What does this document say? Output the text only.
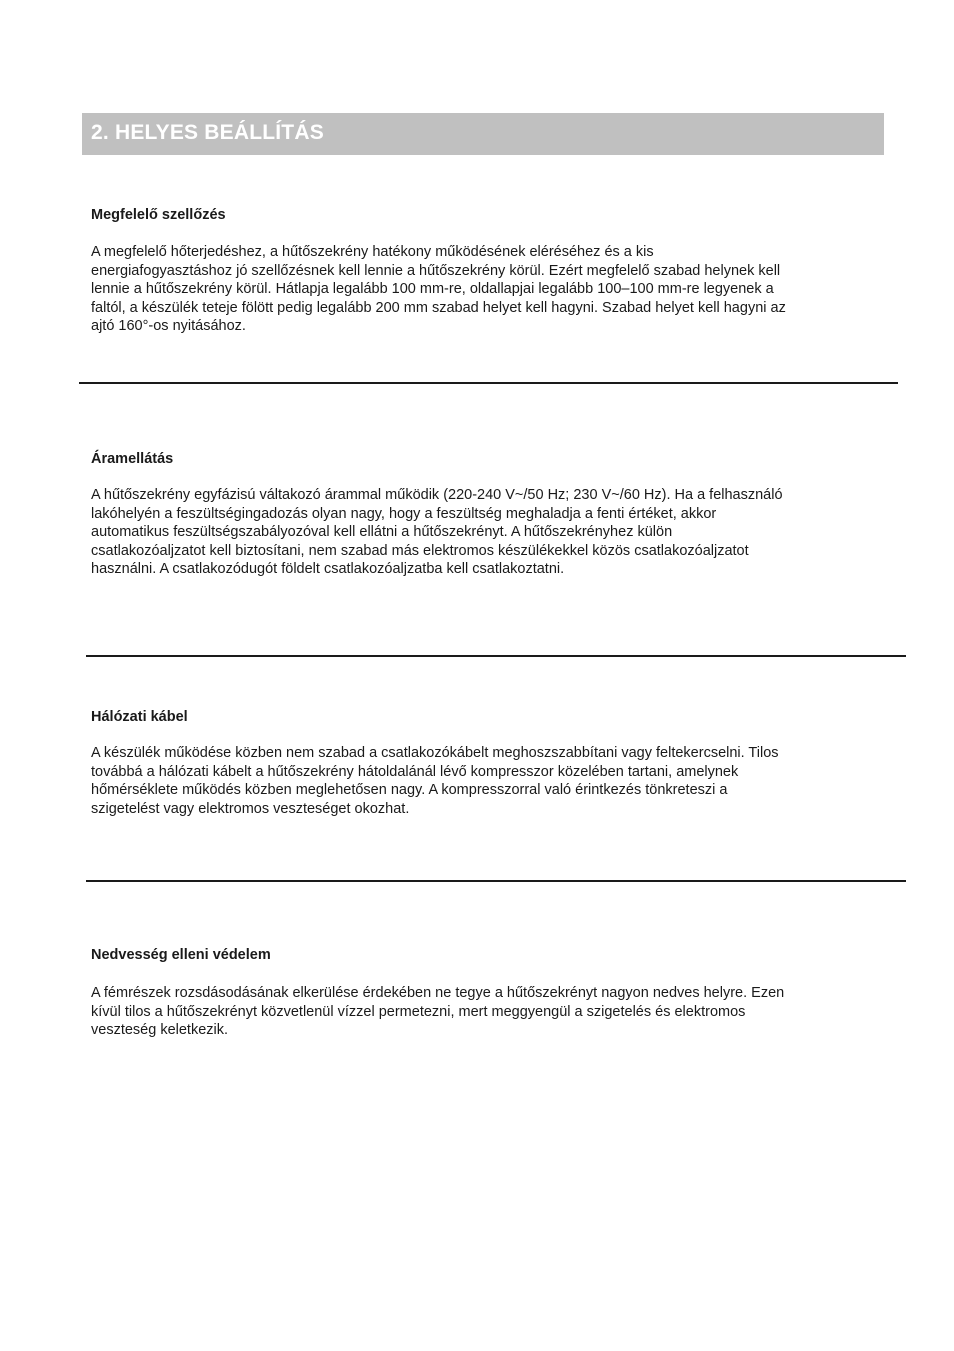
2. HELYES BEÁLLÍTÁS
Megfelelő szellőzés
A megfelelő hőterjedéshez, a hűtőszekrény hatékony működésének eléréséhez és a kis
energiafogyasztáshoz jó szellőzésnek kell lennie a hűtőszekrény körül. Ezért megfelelő szabad helynek kell
lennie a hűtőszekrény körül. Hátlapja legalább 100 mm-re, oldallapjai legalább 100–100 mm-re legyenek a
faltól, a készülék teteje fölött pedig legalább 200 mm szabad helyet kell hagyni. Szabad helyet kell hagyni az
ajtó 160°-os nyitásához.
Áramellátás
A hűtőszekrény egyfázisú váltakozó árammal működik (220-240 V~/50 Hz; 230 V~/60 Hz). Ha a felhasználó
lakóhelyén a feszültségingadozás olyan nagy, hogy a feszültség meghaladja a fenti értéket, akkor
automatikus feszültségszabályozóval kell ellátni a hűtőszekrényt. A hűtőszekrényhez külön
csatlakozóaljzatot kell biztosítani, nem szabad más elektromos készülékekkel közös csatlakozóaljzatot
használni. A csatlakozódugót földelt csatlakozóaljzatba kell csatlakoztatni.
Hálózati kábel
A készülék működése közben nem szabad a csatlakozókábelt meghoszszabbítani vagy feltekercselni. Tilos
továbbá a hálózati kábelt a hűtőszekrény hátoldalánál lévő kompresszor közelében tartani, amelynek
hőmérséklete működés közben meglehetősen nagy. A kompresszorral való érintkezés tönkreteszi a
szigetelést vagy elektromos veszteséget okozhat.
Nedvesség elleni védelem
A fémrészek rozsdásodásának elkerülése érdekében ne tegye a hűtőszekrényt nagyon nedves helyre. Ezen
kívül tilos a hűtőszekrényt közvetlenül vízzel permetezni, mert meggyengül a szigetelés és elektromos
veszteség keletkezik.
